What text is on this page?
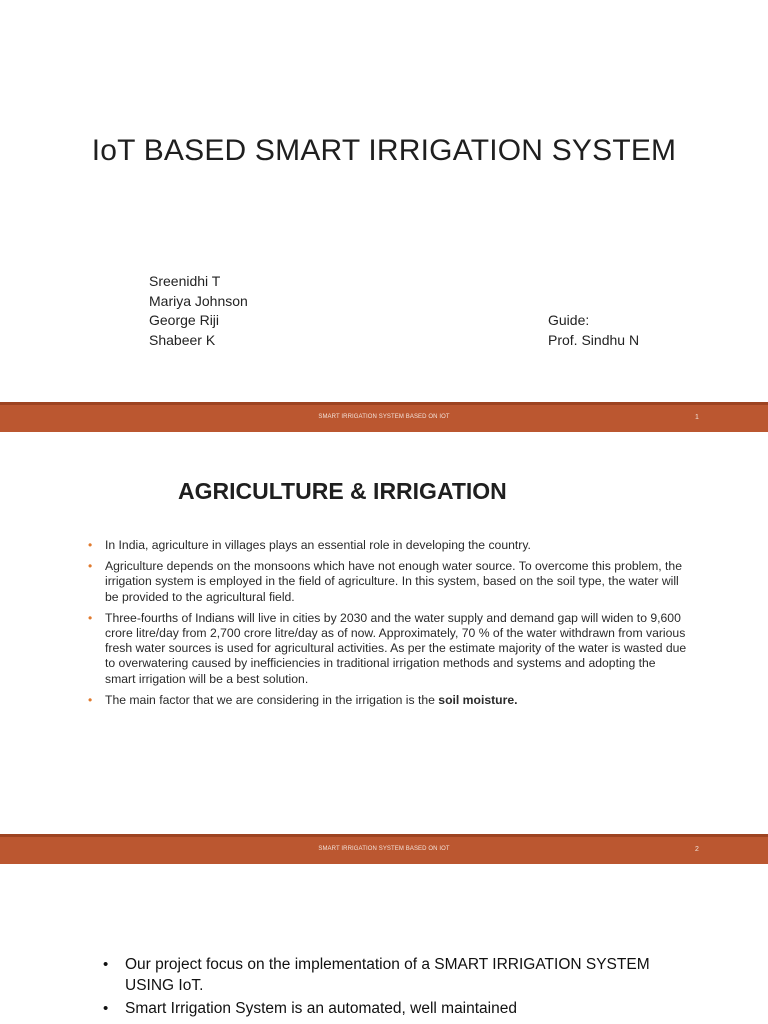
IoT BASED SMART IRRIGATION SYSTEM
Sreenidhi T
Mariya Johnson
George Riji
Shabeer K
Guide:
Prof. Sindhu N
SMART IRRIGATION SYSTEM BASED ON IOT	1
AGRICULTURE & IRRIGATION
• In India, agriculture in villages plays an essential role in developing the country.
• Agriculture depends on the monsoons which have not enough water source. To overcome this problem, the irrigation system is employed in the field of agriculture. In this system, based on the soil type, the water will be provided to the agricultural field.
• Three-fourths of Indians will live in cities by 2030 and the water supply and demand gap will widen to 9,600 crore litre/day from 2,700 crore litre/day as of now. Approximately, 70 % of the water withdrawn from various fresh water sources is used for agricultural activities. As per the estimate majority of the water is wasted due to overwatering caused by inefficiencies in traditional irrigation methods and systems and adopting the smart irrigation will be a best solution.
• The main factor that we are considering in the irrigation is the soil moisture.
SMART IRRIGATION SYSTEM BASED ON IOT	2
• Our project focus on the implementation of a SMART IRRIGATION SYSTEM USING IoT.
• Smart Irrigation System is an automated, well maintained
